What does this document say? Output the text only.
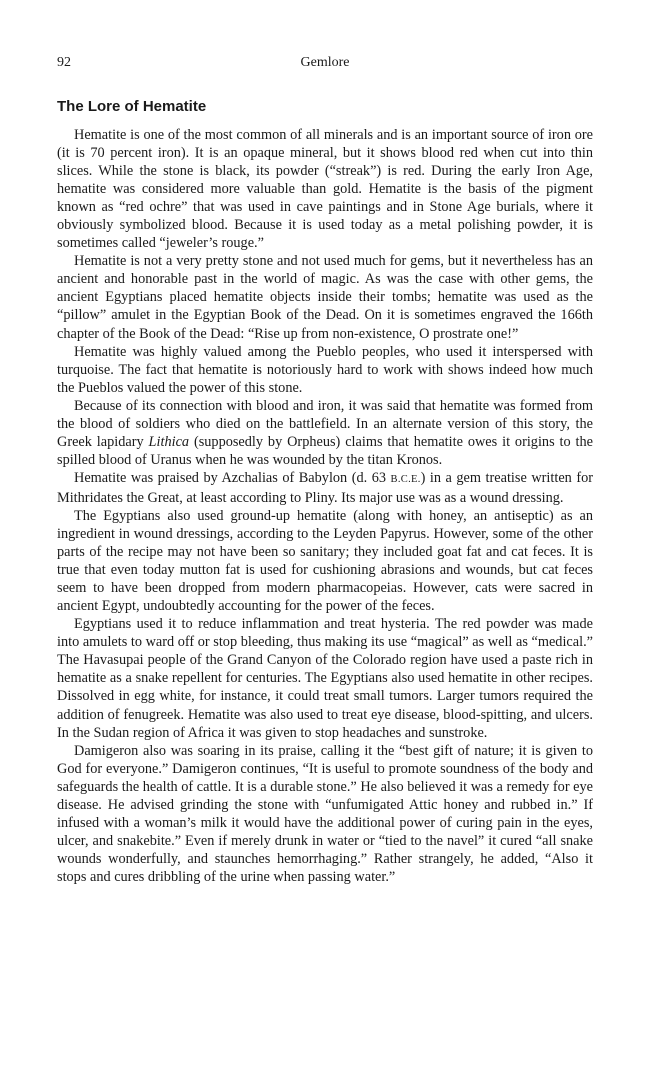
92	Gemlore
The Lore of Hematite

Hematite is one of the most common of all minerals and is an important source of iron ore (it is 70 percent iron). It is an opaque mineral, but it shows blood red when cut into thin slices. While the stone is black, its powder (“streak”) is red. During the early Iron Age, hematite was considered more valuable than gold. Hematite is the basis of the pigment known as “red ochre” that was used in cave paintings and in Stone Age burials, where it obviously symbolized blood. Because it is used today as a metal polishing powder, it is sometimes called “jeweler’s rouge.”

Hematite is not a very pretty stone and not used much for gems, but it nevertheless has an ancient and honorable past in the world of magic. As was the case with other gems, the ancient Egyptians placed hematite objects inside their tombs; hematite was used as the “pillow” amulet in the Egyptian Book of the Dead. On it is sometimes engraved the 166th chapter of the Book of the Dead: “Rise up from non-existence, O prostrate one!”

Hematite was highly valued among the Pueblo peoples, who used it interspersed with turquoise. The fact that hematite is notoriously hard to work with shows indeed how much the Pueblos valued the power of this stone.

Because of its connection with blood and iron, it was said that hematite was formed from the blood of soldiers who died on the battlefield. In an alternate version of this story, the Greek lapidary Lithica (supposedly by Orpheus) claims that hematite owes it origins to the spilled blood of Uranus when he was wounded by the titan Kronos.

Hematite was praised by Azchalias of Babylon (d. 63 B.C.E.) in a gem treatise written for Mithridates the Great, at least according to Pliny. Its major use was as a wound dressing.

The Egyptians also used ground-up hematite (along with honey, an antiseptic) as an ingredient in wound dressings, according to the Leyden Papyrus. However, some of the other parts of the recipe may not have been so sanitary; they included goat fat and cat feces. It is true that even today mutton fat is used for cushioning abrasions and wounds, but cat feces seem to have been dropped from modern pharmacopeias. However, cats were sacred in ancient Egypt, undoubtedly accounting for the power of the feces.

Egyptians used it to reduce inflammation and treat hysteria. The red powder was made into amulets to ward off or stop bleeding, thus making its use “magical” as well as “medical.” The Havasupai people of the Grand Canyon of the Colorado region have used a paste rich in hematite as a snake repellent for centuries. The Egyptians also used hematite in other recipes. Dissolved in egg white, for instance, it could treat small tumors. Larger tumors required the addition of fenugreek. Hematite was also used to treat eye disease, blood-spitting, and ulcers. In the Sudan region of Africa it was given to stop headaches and sunstroke.

Damigeron also was soaring in its praise, calling it the “best gift of nature; it is given to God for everyone.” Damigeron continues, “It is useful to promote soundness of the body and safeguards the health of cattle. It is a durable stone.” He also believed it was a remedy for eye disease. He advised grinding the stone with “unfumigated Attic honey and rubbed in.” If infused with a woman’s milk it would have the additional power of curing pain in the eyes, ulcer, and snakebite.” Even if merely drunk in water or “tied to the navel” it cured “all snake wounds wonderfully, and staunches hemorrhaging.” Rather strangely, he added, “Also it stops and cures dribbling of the urine when passing water.”
